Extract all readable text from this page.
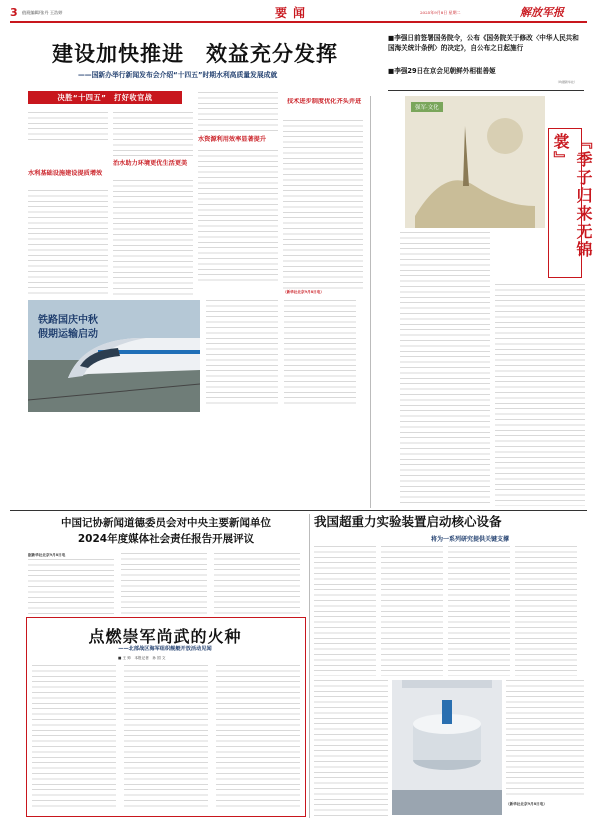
3 值班编辑/张丹 王浩婷	要闻	2025年9月8日 星期二	解放军报
建设加快推进　效益充分发挥
——国新办举行新闻发布会介绍“十四五”时期水利高质量发展成就
决胜“十四五”　打好收官战
水利基础设施建设提质增效
治水助力环境更优生活更美
水资源利用效率显著提升
技术进步制度优化齐头并进
（新华社北京9月8日电）
铁路国庆中秋假期运输启动
■李强日前签署国务院令，公布《国务院关于修改〈中华人民共和国海关统计条例〉的决定》，自公布之日起施行
■李强29日在京会见朝鲜外相崔善姬
（均据新华社）
强军·文化
『季子归来无锦裳』
中国记协新闻道德委员会对中央主要新闻单位
2024年度媒体社会责任报告开展评议
据新华社北京9月8日电
点燃崇军尚武的火种
——北部战区海军组织舰艇开放活动见闻
■ 王 帅　本报记者　孙 国 文
我国超重力实验装置启动核心设备
将为一系列研究提供关键支撑
（新华社北京9月8日电）
